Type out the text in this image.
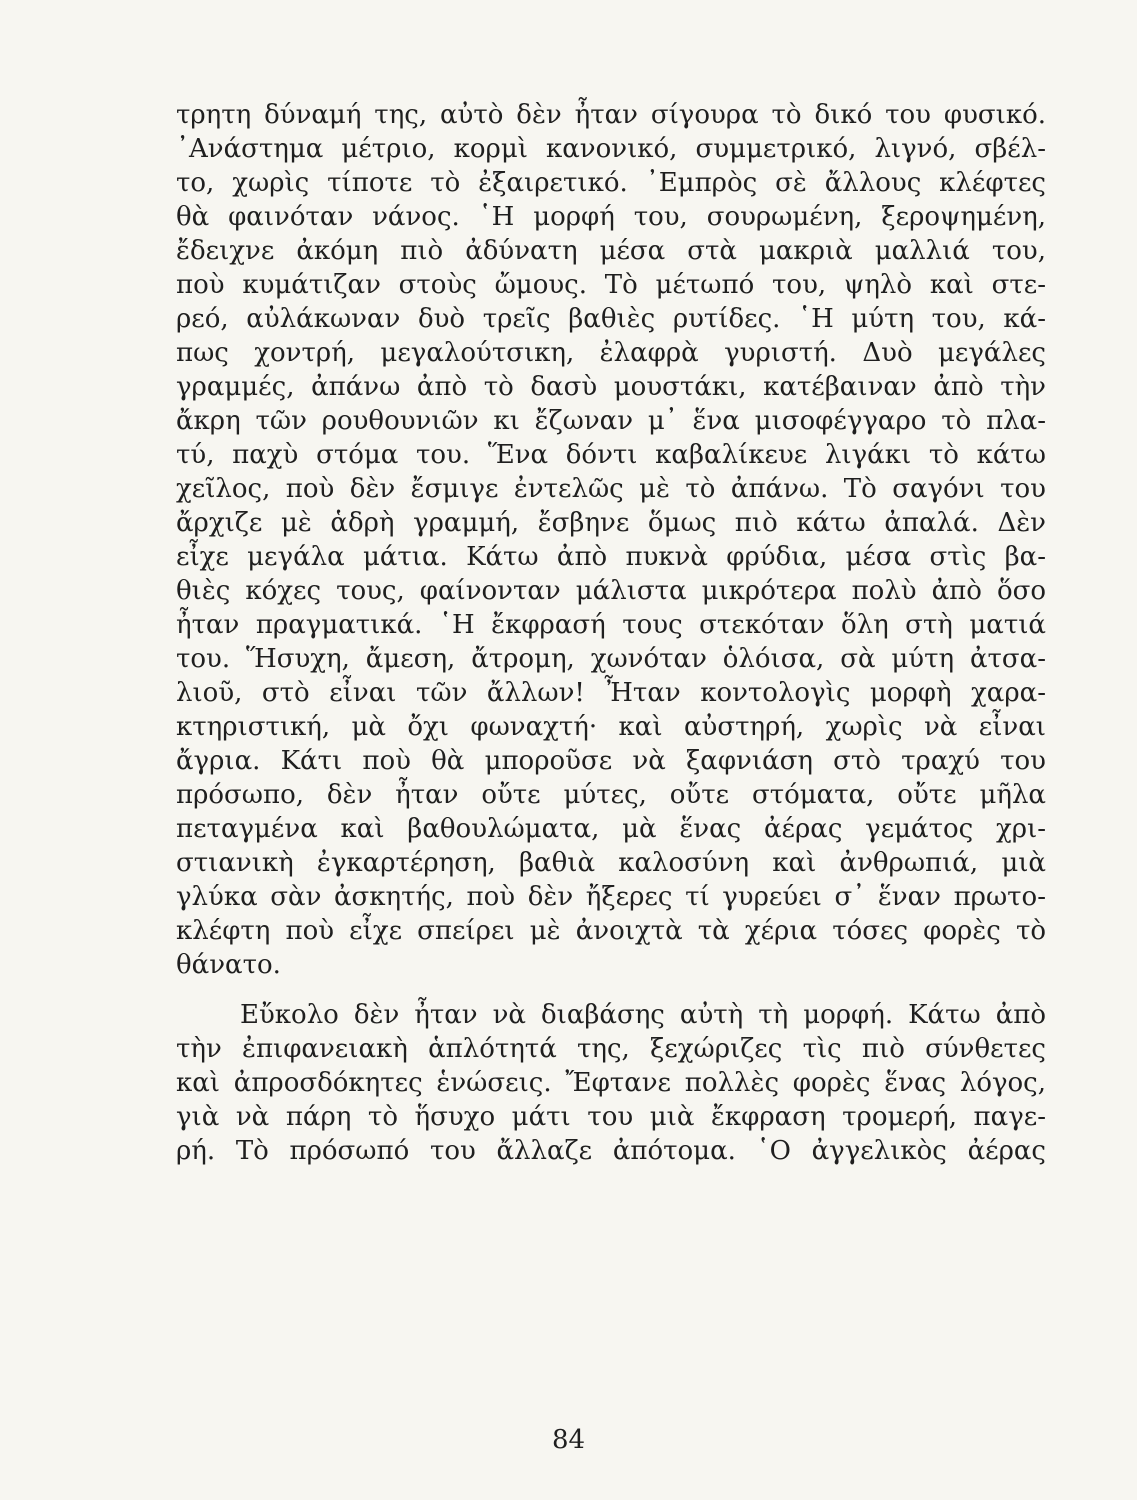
τρητη δύναμή της, αὐτὸ δὲν ἦταν σίγουρα τὸ δικό του φυσικό.
᾿Ανάστημα μέτριο, κορμὶ κανονικό, συμμετρικό, λιγνό, σβέλ-
το, χωρὶς τίποτε τὸ ἐξαιρετικό. ᾿Εμπρὸς σὲ ἄλλους κλέφτες
θὰ φαινόταν νάνος. ῾Η μορφή του, σουρωμένη, ξεροψημένη,
ἔδειχνε ἀκόμη πιὸ ἀδύνατη μέσα στὰ μακριὰ μαλλιά του,
ποὺ κυμάτιζαν στοὺς ὤμους. Τὸ μέτωπό του, ψηλὸ καὶ στε-
ρεό, αὐλάκωναν δυὸ τρεῖς βαθιὲς ρυτίδες. ῾Η μύτη του, κά-
πως χοντρή, μεγαλούτσικη, ἐλαφρὰ γυριστή. Δυὸ μεγάλες
γραμμές, ἀπάνω ἀπὸ τὸ δασὺ μουστάκι, κατέβαιναν ἀπὸ τὴν
ἄκρη τῶν ρουθουνιῶν κι ἔζωναν μ᾿ ἕνα μισοφέγγαρο τὸ πλα-
τύ, παχὺ στόμα του. Ἕνα δόντι καβαλίκευε λιγάκι τὸ κάτω
χεῖλος, ποὺ δὲν ἔσμιγε ἐντελῶς μὲ τὸ ἀπάνω. Τὸ σαγόνι του
ἄρχιζε μὲ ἁδρὴ γραμμή, ἔσβηνε ὅμως πιὸ κάτω ἀπαλά. Δὲν
εἶχε μεγάλα μάτια. Κάτω ἀπὸ πυκνὰ φρύδια, μέσα στὶς βα-
θιὲς κόχες τους, φαίνονταν μάλιστα μικρότερα πολὺ ἀπὸ ὅσο
ἦταν πραγματικά. ῾Η ἔκφρασή τους στεκόταν ὅλη στὴ ματιά
του. Ἥσυχη, ἄμεση, ἄτρομη, χωνόταν ὁλόισα, σὰ μύτη ἀτσα-
λιοῦ, στὸ εἶναι τῶν ἄλλων! Ἦταν κοντολογὶς μορφὴ χαρα-
κτηριστική, μὰ ὄχι φωναχτή· καὶ αὐστηρή, χωρὶς νὰ εἶναι
ἄγρια. Κάτι ποὺ θὰ μποροῦσε νὰ ξαφνιάση στὸ τραχύ του
πρόσωπο, δὲν ἦταν οὔτε μύτες, οὔτε στόματα, οὔτε μῆλα
πεταγμένα καὶ βαθουλώματα, μὰ ἕνας ἀέρας γεμάτος χρι-
στιανικὴ ἐγκαρτέρηση, βαθιὰ καλοσύνη καὶ ἀνθρωπιά, μιὰ
γλύκα σὰν ἀσκητής, ποὺ δὲν ἤξερες τί γυρεύει σ᾿ ἕναν πρωτο-
κλέφτη ποὺ εἶχε σπείρει μὲ ἀνοιχτὰ τὰ χέρια τόσες φορὲς τὸ
θάνατο.
Εὔκολο δὲν ἦταν νὰ διαβάσης αὐτὴ τὴ μορφή. Κάτω ἀπὸ
τὴν ἐπιφανειακὴ ἁπλότητά της, ξεχώριζες τὶς πιὸ σύνθετες
καὶ ἀπροσδόκητες ἑνώσεις. Ἔφτανε πολλὲς φορὲς ἕνας λόγος,
γιὰ νὰ πάρη τὸ ἥσυχο μάτι του μιὰ ἔκφραση τρομερή, παγε-
ρή. Τὸ πρόσωπό του ἄλλαζε ἀπότομα. ῾Ο ἀγγελικὸς ἀέρας
84
